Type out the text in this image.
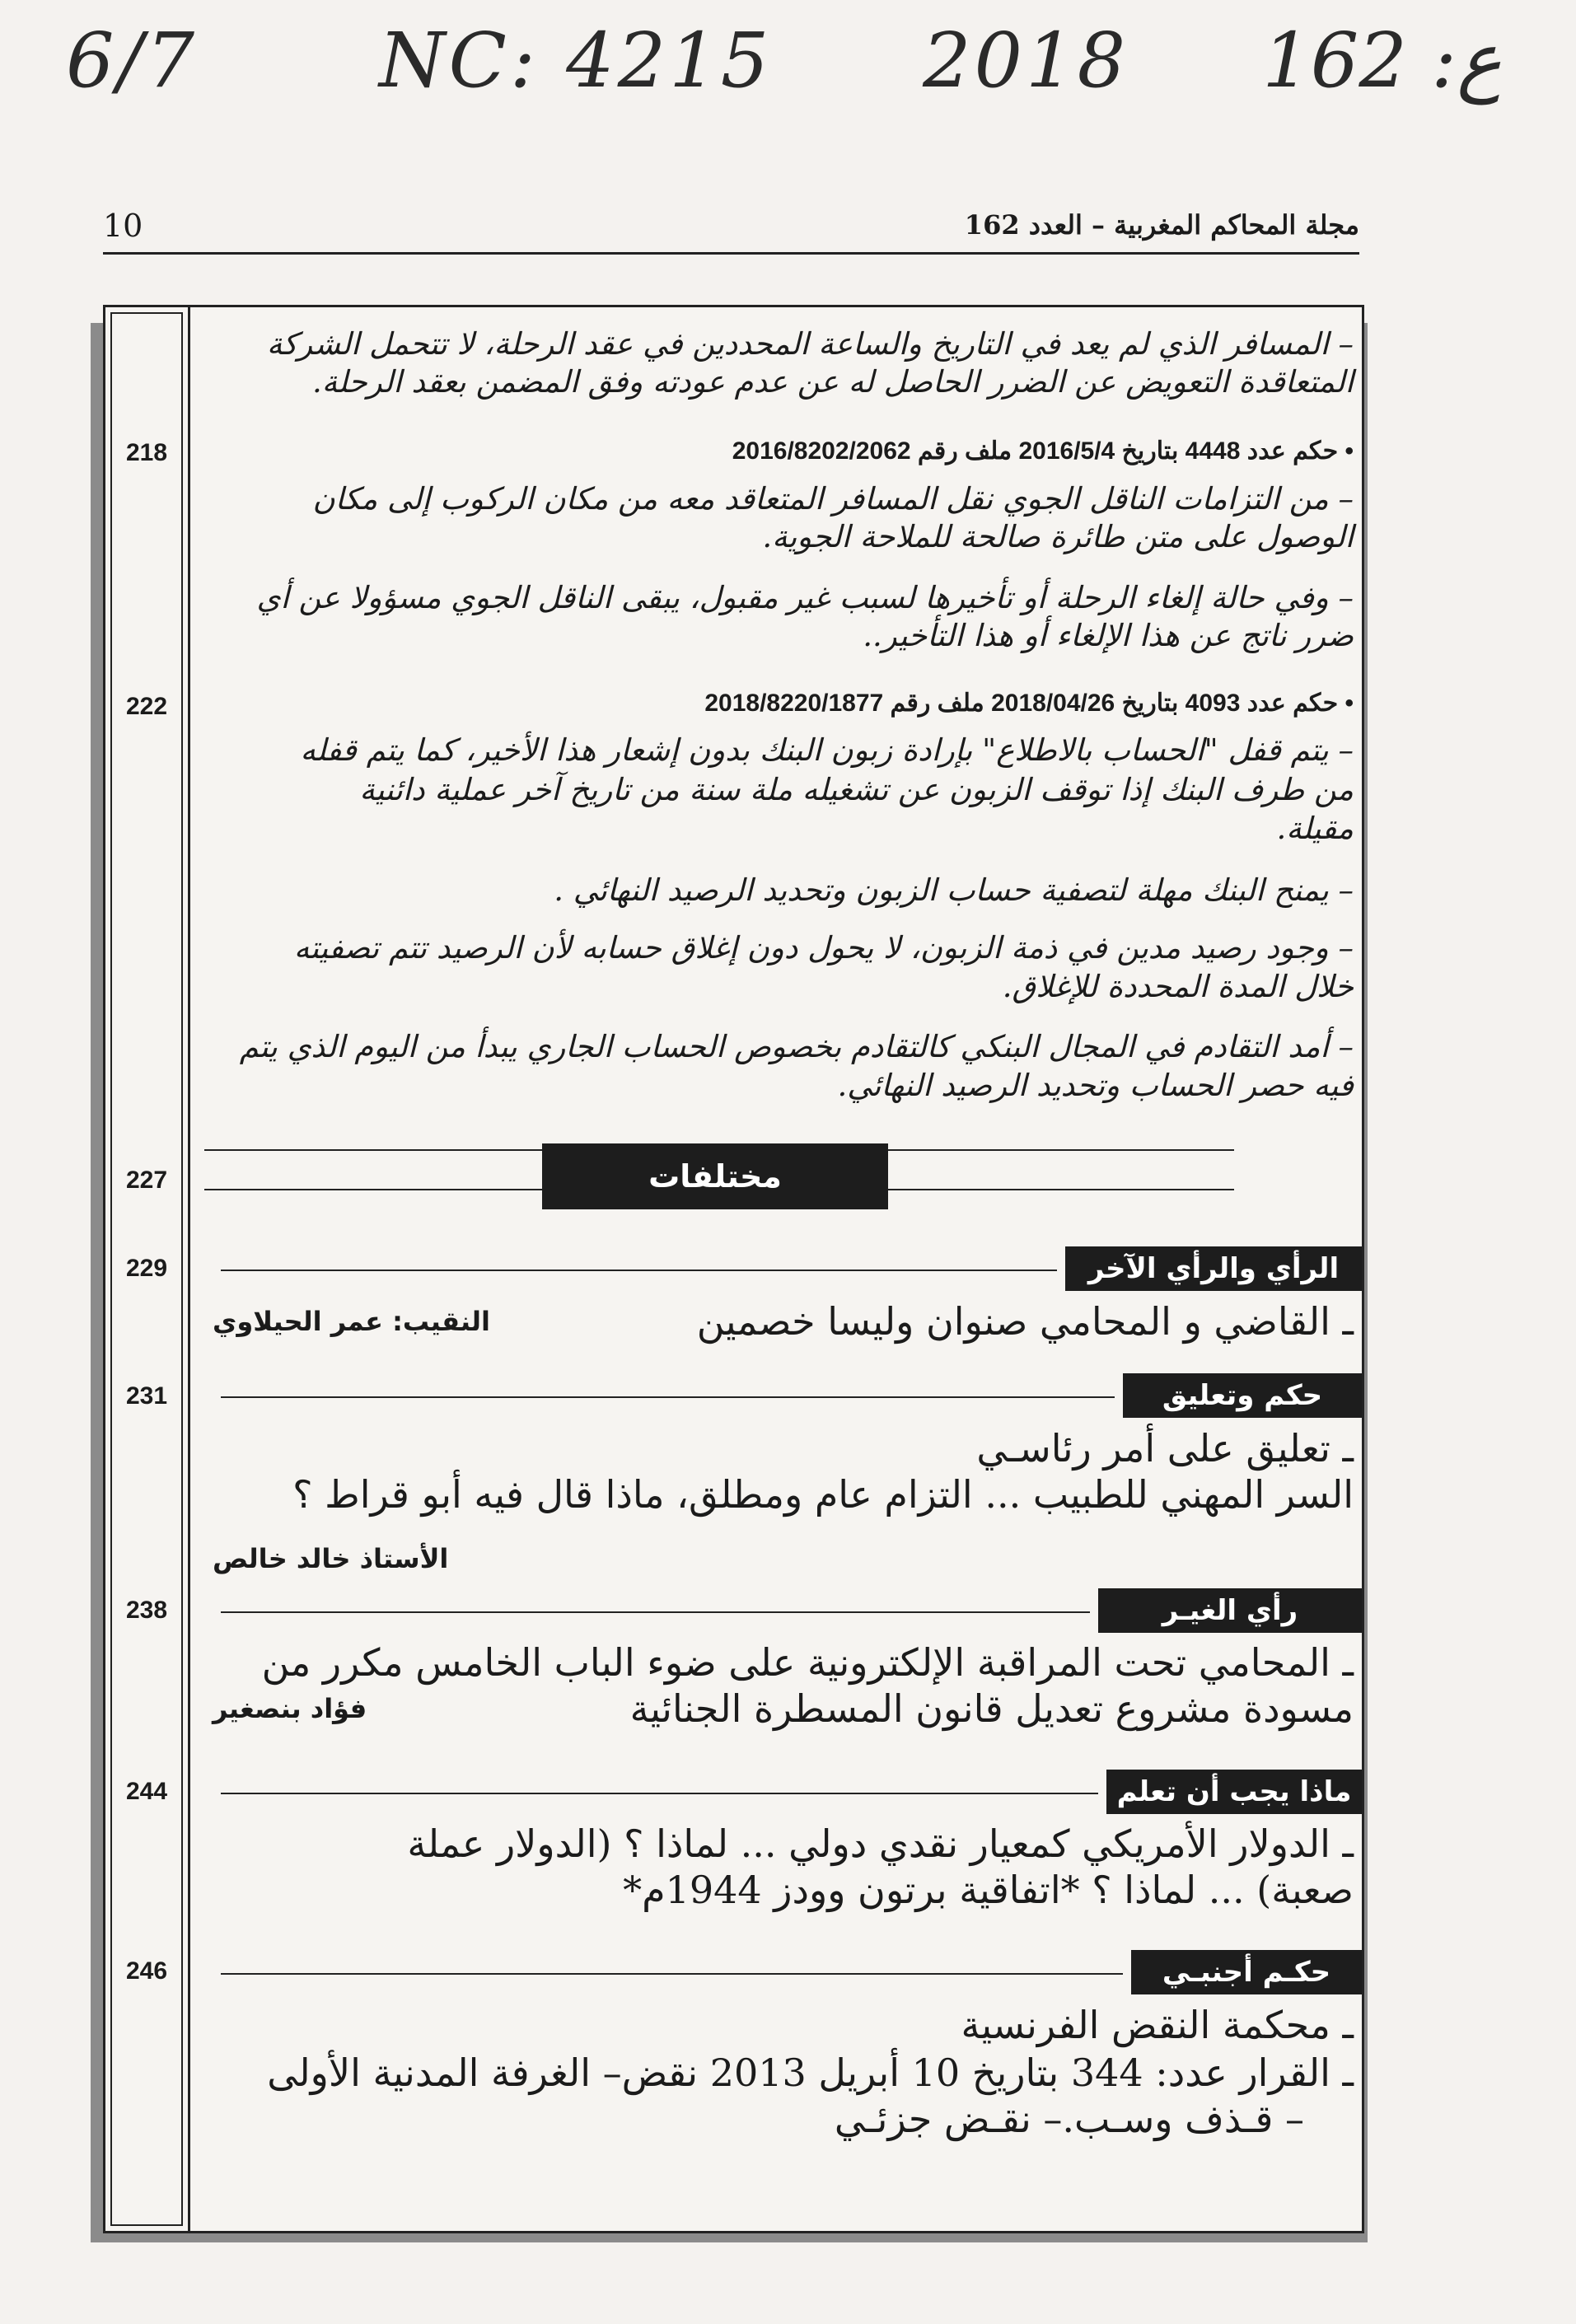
6/7 NC: 4215 2018 ع: 162
10	مجلة المحاكم المغربية – العدد 162
218
222
227
229
231
238
244
246
– المسافر الذي لم يعد في التاريخ والساعة المحددين في عقد الرحلة، لا تتحمل الشركة
المتعاقدة التعويض عن الضرر الحاصل له عن عدم عودته وفق المضمن بعقد الرحلة.
• حكم عدد 4448 بتاريخ 2016/5/4 ملف رقم 2016/8202/2062
– من التزامات الناقل الجوي نقل المسافر المتعاقد معه من مكان الركوب إلى مكان
الوصول على متن طائرة صالحة للملاحة الجوية.
– وفي حالة إلغاء الرحلة أو تأخيرها لسبب غير مقبول، يبقى الناقل الجوي مسؤولا عن أي
ضرر ناتج عن هذا الإلغاء أو هذا التأخير..
• حكم عدد 4093 بتاريخ 2018/04/26 ملف رقم 2018/8220/1877
– يتم قفل "الحساب بالاطلاع" بإرادة زبون البنك بدون إشعار هذا الأخير، كما يتم قفله
من طرف البنك إذا توقف الزبون عن تشغيله ملة سنة من تاريخ آخر عملية دائنية
مقيلة.
– يمنح البنك مهلة لتصفية حساب الزبون وتحديد الرصيد النهائي .
– وجود رصيد مدين في ذمة الزبون، لا يحول دون إغلاق حسابه لأن الرصيد تتم تصفيته
خلال المدة المحددة للإغلاق.
– أمد التقادم في المجال البنكي كالتقادم بخصوص الحساب الجاري يبدأ من اليوم الذي يتم
فيه حصر الحساب وتحديد الرصيد النهائي.
مختلفات
الرأي والرأي الآخر
ـ القاضي و المحامي صنوان وليسا خصمين
النقيب: عمر الحيلاوي
حكم وتعليق
ـ تعليق على أمر رئاسـي
السر المهني للطبيب ... التزام عام ومطلق، ماذا قال فيه أبو قراط ؟
الأستاذ خالد خالص
رأي الغيـر
ـ المحامي تحت المراقبة الإلكترونية على ضوء الباب الخامس مكرر من
مسودة مشروع تعديل قانون المسطرة الجنائية
فؤاد بنصغير
ماذا يجب أن تعلم
ـ الدولار الأمريكي كمعيار نقدي دولي ... لماذا ؟ (الدولار عملة
صعبة) ... لماذا ؟ *اتفاقية برتون وودز 1944م*
حكـم أجنبـي
ـ محكمة النقض الفرنسية
ـ القرار عدد: 344 بتاريخ 10 أبريل 2013 نقض– الغرفة المدنية الأولى
– قـذف وسـب.– نقـض جزئـي
